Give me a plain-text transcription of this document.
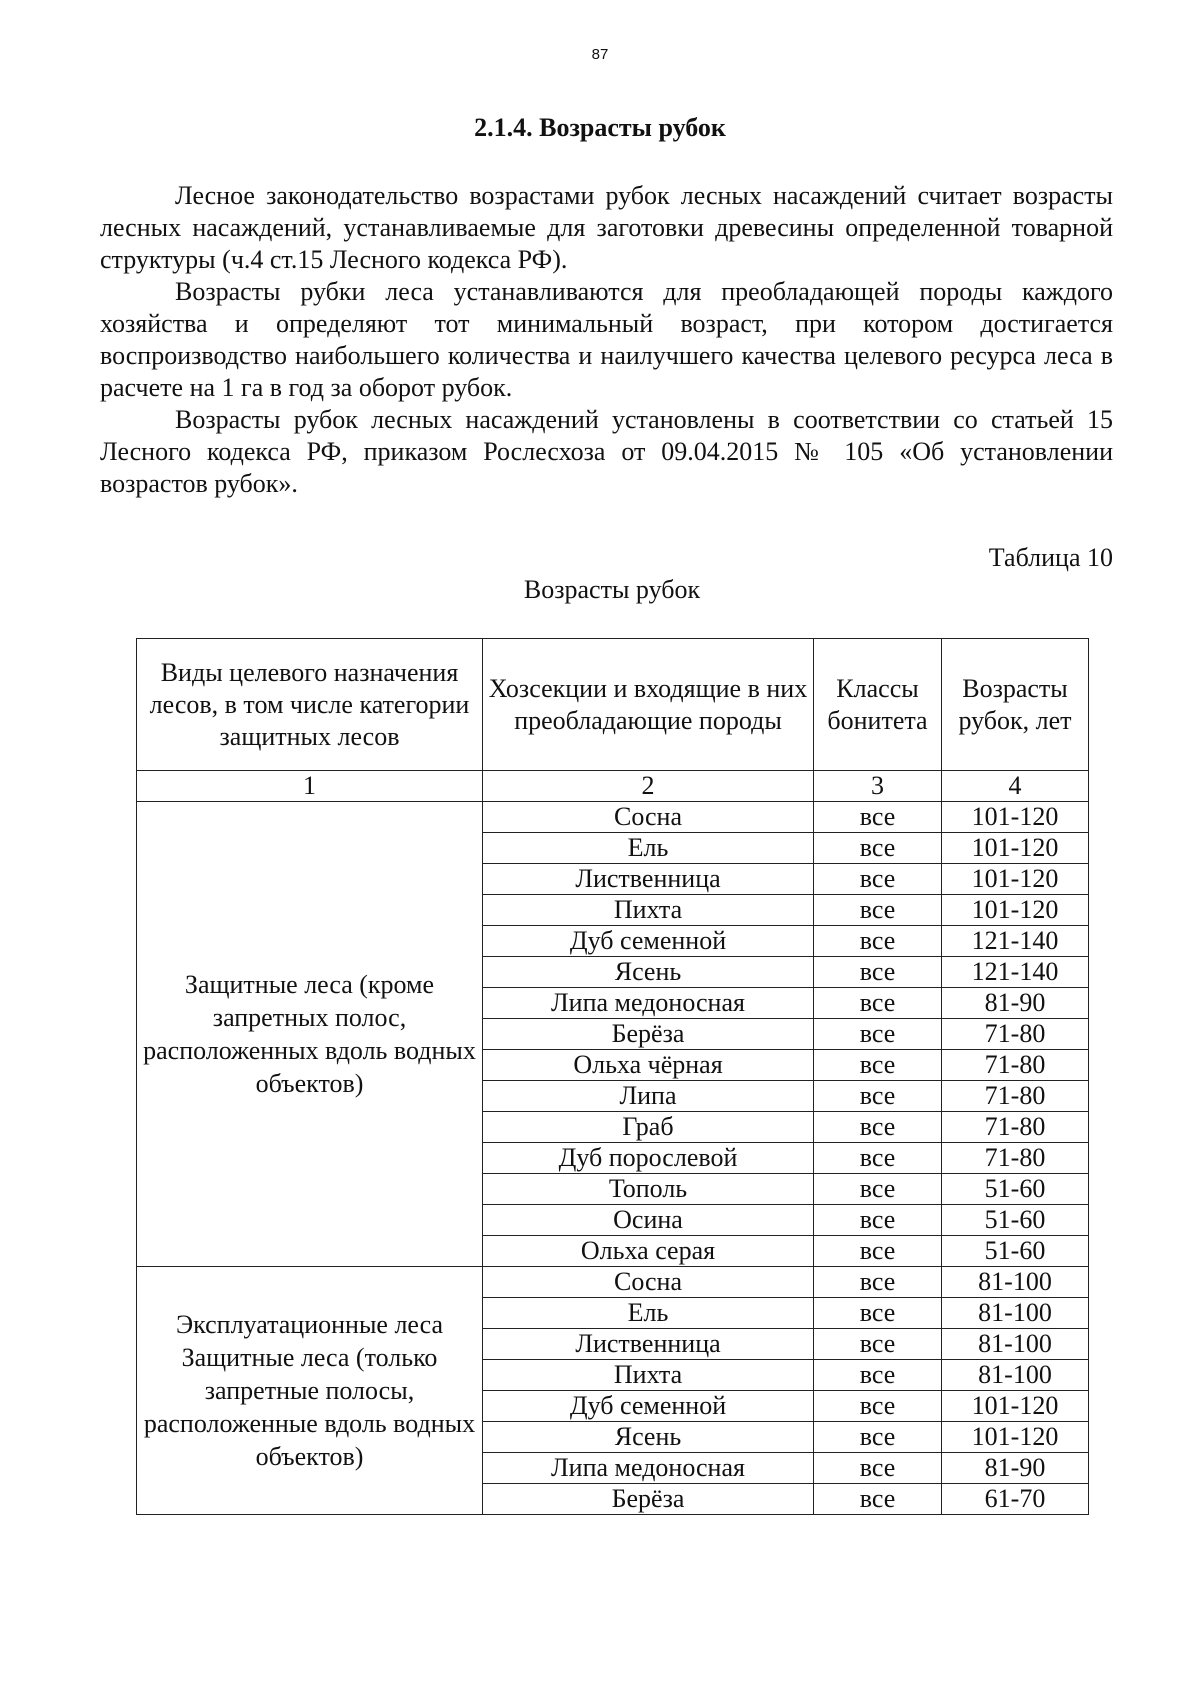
87
2.1.4. Возрасты рубок

Лесное законодательство возрастами рубок лесных насаждений считает возрасты лесных насаждений, устанавливаемые для заготовки древесины определенной товарной структуры (ч.4 ст.15 Лесного кодекса РФ).

Возрасты рубки леса устанавливаются для преобладающей породы каждого хозяйства и определяют тот минимальный возраст, при котором достигается воспроизводство наибольшего количества и наилучшего качества целевого ресурса леса в расчете на 1 га в год за оборот рубок.

Возрасты рубок лесных насаждений установлены в соответствии со статьей 15 Лесного кодекса РФ, приказом Рослесхоза от 09.04.2015 № 105 «Об установлении возрастов рубок».

Таблица 10
Возрасты рубок
Виды целевого назначения лесов, в том числе категории защитных лесов	Хозсекции и входящие в них преобладающие породы	Классы бонитета	Возрасты рубок, лет
1	2	3	4
Защитные леса (кроме запретных полос, расположенных вдоль водных объектов)	Сосна	все	101-120
	Ель	все	101-120
	Лиственница	все	101-120
	Пихта	все	101-120
	Дуб семенной	все	121-140
	Ясень	все	121-140
	Липа медоносная	все	81-90
	Берёза	все	71-80
	Ольха чёрная	все	71-80
	Липа	все	71-80
	Граб	все	71-80
	Дуб порослевой	все	71-80
	Тополь	все	51-60
	Осина	все	51-60
	Ольха серая	все	51-60
Эксплуатационные леса Защитные леса (только запретные полосы, расположенные вдоль водных объектов)	Сосна	все	81-100
	Ель	все	81-100
	Лиственница	все	81-100
	Пихта	все	81-100
	Дуб семенной	все	101-120
	Ясень	все	101-120
	Липа медоносная	все	81-90
	Берёза	все	61-70
